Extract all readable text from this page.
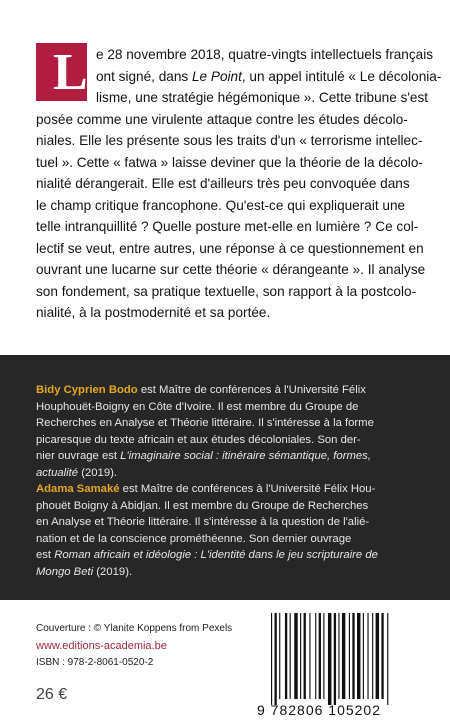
L e 28 novembre 2018, quatre-vingts intellectuels français
ont signé, dans Le Point, un appel intitulé « Le décolonia-
lisme, une stratégie hégémonique ». Cette tribune s'est
posée comme une virulente attaque contre les études décolo-
niales. Elle les présente sous les traits d'un « terrorisme intellec-
tuel ». Cette « fatwa » laisse deviner que la théorie de la décolo-
nialité dérangerait. Elle est d'ailleurs très peu convoquée dans
le champ critique francophone. Qu'est-ce qui expliquerait une
telle intranquillité ? Quelle posture met-elle en lumière ? Ce col-
lectif se veut, entre autres, une réponse à ce questionnement en
ouvrant une lucarne sur cette théorie « dérangeante ». Il analyse
son fondement, sa pratique textuelle, son rapport à la postcolo-
nialité, à la postmodernité et sa portée.
Bidy Cyprien Bodo est Maître de conférences à l'Université Félix
Houphouët-Boigny en Côte d'Ivoire. Il est membre du Groupe de
Recherches en Analyse et Théorie littéraire. Il s'intéresse à la forme
picaresque du texte africain et aux études décoloniales. Son der-
nier ouvrage est L'imaginaire social : itinéraire sémantique, formes,
actualité (2019).
Adama Samaké est Maître de conférences à l'Université Félix Hou-
phouët Boigny à Abidjan. Il est membre du Groupe de Recherches
en Analyse et Théorie littéraire. Il s'intéresse à la question de l'alié-
nation et de la conscience prométhéenne. Son dernier ouvrage
est Roman africain et idéologie : L'identité dans le jeu scripturaire de
Mongo Beti (2019).
Couverture : © Ylanite Koppens from Pexels
www.editions-academia.be
ISBN : 978-2-8061-0520-2
26 €
9 782806 105202
